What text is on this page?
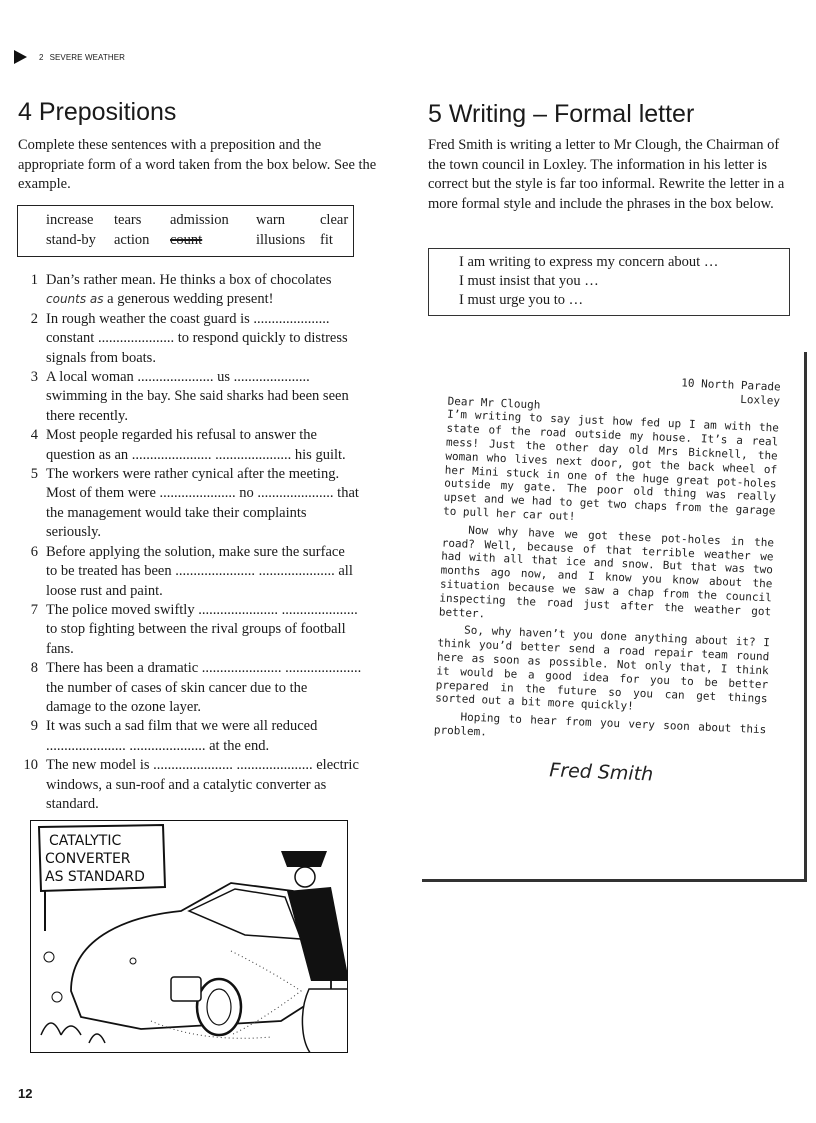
2 SEVERE WEATHER
4 Prepositions

Complete these sentences with a preposition and the appropriate form of a word taken from the box below. See the example.

increase	tears	admission	warn	clear
stand-by	action	count	illusions	fit
1 Dan’s rather mean. He thinks a box of chocolates
counts as a generous wedding present!
2 In rough weather the coast guard is .....................
constant ..................... to respond quickly to distress
signals from boats.
3 A local woman ..................... us .....................
swimming in the bay. She said sharks had been seen
there recently.
4 Most people regarded his refusal to answer the
question as an ...................... ..................... his guilt.
5 The workers were rather cynical after the meeting.
Most of them were ..................... no ..................... that
the management would take their complaints
seriously.
6 Before applying the solution, make sure the surface
to be treated has been ...................... ..................... all
loose rust and paint.
7 The police moved swiftly ...................... .....................
to stop fighting between the rival groups of football
fans.
8 There has been a dramatic ...................... .....................
the number of cases of skin cancer due to the
damage to the ozone layer.
9 It was such a sad film that we were all reduced
...................... ..................... at the end.
10 The new model is ...................... ..................... electric
windows, a sun-roof and a catalytic converter as
standard.
CATALYTIC
CONVERTER
AS STANDARD
5 Writing – Formal letter

Fred Smith is writing a letter to Mr Clough, the Chairman of the town council in Loxley. The information in his letter is correct but the style is far too informal. Rewrite the letter in a more formal style and include the phrases in the box below.

I am writing to express my concern about …
I must insist that you …
I must urge you to …

10 North Parade

Loxley

Dear Mr Clough

I’m writing to say just how fed up I am with the state of the road outside my house. It’s a real mess! Just the other day old Mrs Bicknell, the woman who lives next door, got the back wheel of her Mini stuck in one of the huge great pot-holes outside my gate. The poor old thing was really upset and we had to get two chaps from the garage to pull her car out!

Now why have we got these pot-holes in the road? Well, because of that terrible weather we had with all that ice and snow. But that was two months ago now, and I know you know about the situation because we saw a chap from the council inspecting the road just after the weather got better.

So, why haven’t you done anything about it? I think you’d better send a road repair team round here as soon as possible. Not only that, I think it would be a good idea for you to be better prepared in the future so you can get things sorted out a bit more quickly!

Hoping to hear from you very soon about this problem.

Fred Smith

12
